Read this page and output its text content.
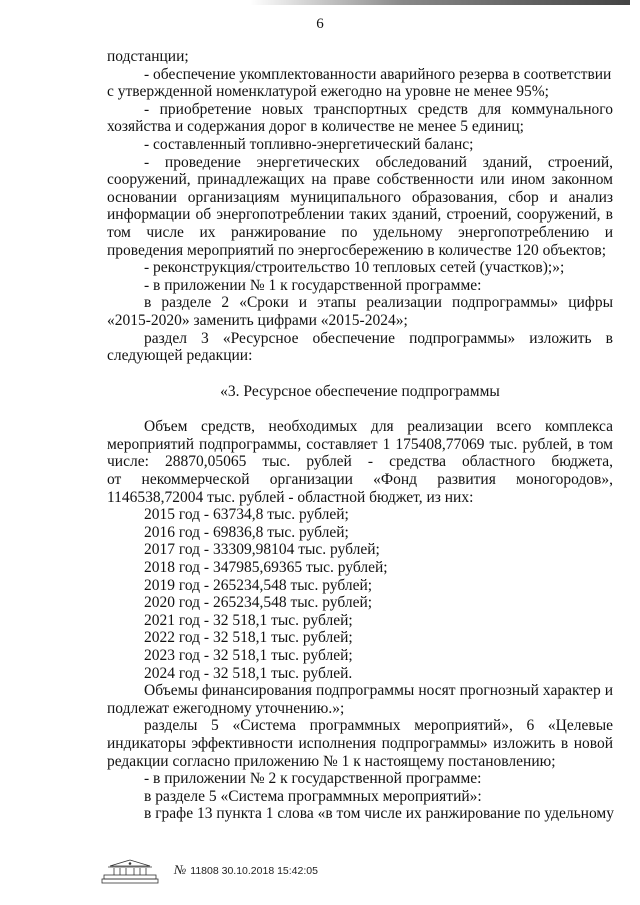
6
подстанции;
- обеспечение укомплектованности аварийного резерва в соответствии
с утвержденной номенклатурой ежегодно на уровне не менее 95%;
- приобретение новых транспортных средств для коммунального
хозяйства и содержания дорог в количестве не менее 5 единиц;
- составленный топливно-энергетический баланс;
- проведение энергетических обследований зданий, строений,
сооружений, принадлежащих на праве собственности или ином законном
основании организациям муниципального образования, сбор и анализ
информации об энергопотреблении таких зданий, строений, сооружений, в
том числе их ранжирование по удельному энергопотреблению и
проведения мероприятий по энергосбережению в количестве 120 объектов;
- реконструкция/строительство 10 тепловых сетей (участков);»;
- в приложении № 1 к государственной программе:
в разделе 2 «Сроки и этапы реализации подпрограммы» цифры
«2015-2020» заменить цифрами «2015-2024»;
раздел 3 «Ресурсное обеспечение подпрограммы» изложить в
следующей редакции:
«3. Ресурсное обеспечение подпрограммы
Объем средств, необходимых для реализации всего комплекса
мероприятий подпрограммы, составляет 1 175408,77069 тыс. рублей, в том
числе: 28870,05065 тыс. рублей - средства областного бюджета,
от некоммерческой организации «Фонд развития моногородов»,
1146538,72004 тыс. рублей - областной бюджет, из них:
2015 год - 63734,8 тыс. рублей;
2016 год - 69836,8 тыс. рублей;
2017 год - 33309,98104 тыс. рублей;
2018 год - 347985,69365 тыс. рублей;
2019 год - 265234,548 тыс. рублей;
2020 год - 265234,548 тыс. рублей;
2021 год - 32 518,1 тыс. рублей;
2022 год - 32 518,1 тыс. рублей;
2023 год - 32 518,1 тыс. рублей;
2024 год - 32 518,1 тыс. рублей.
Объемы финансирования подпрограммы носят прогнозный характер и
подлежат ежегодному уточнению.»;
разделы 5 «Система программных мероприятий», 6 «Целевые
индикаторы эффективности исполнения подпрограммы» изложить в новой
редакции согласно приложению № 1 к настоящему постановлению;
- в приложении № 2 к государственной программе:
в разделе 5 «Система программных мероприятий»:
в графе 13 пункта 1 слова «в том числе их ранжирование по удельному
№ 11808 30.10.2018 15:42:05
